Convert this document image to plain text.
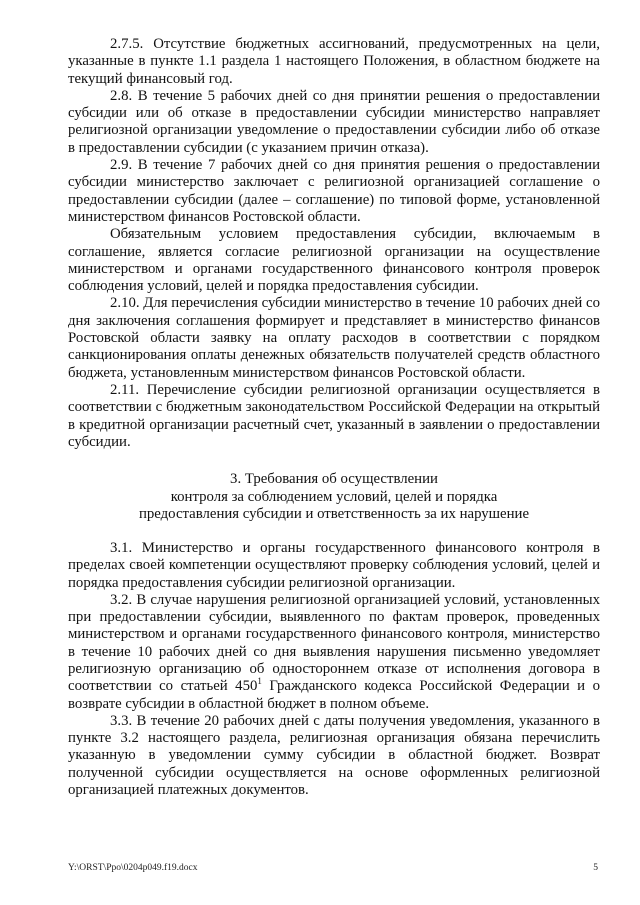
2.7.5. Отсутствие бюджетных ассигнований, предусмотренных на цели, указанные в пункте 1.1 раздела 1 настоящего Положения, в областном бюджете на текущий финансовый год.

2.8. В течение 5 рабочих дней со дня принятии решения о предоставлении субсидии или об отказе в предоставлении субсидии министерство направляет религиозной организации уведомление о предоставлении субсидии либо об отказе в предоставлении субсидии (с указанием причин отказа).

2.9. В течение 7 рабочих дней со дня принятия решения о предоставлении субсидии министерство заключает с религиозной организацией соглашение о предоставлении субсидии (далее – соглашение) по типовой форме, установленной министерством финансов Ростовской области.

Обязательным условием предоставления субсидии, включаемым в соглашение, является согласие религиозной организации на осуществление министерством и органами государственного финансового контроля проверок соблюдения условий, целей и порядка предоставления субсидии.

2.10. Для перечисления субсидии министерство в течение 10 рабочих дней со дня заключения соглашения формирует и представляет в министерство финансов Ростовской области заявку на оплату расходов в соответствии с порядком санкционирования оплаты денежных обязательств получателей средств областного бюджета, установленным министерством финансов Ростовской области.

2.11. Перечисление субсидии религиозной организации осуществляется в соответствии с бюджетным законодательством Российской Федерации на открытый в кредитной организации расчетный счет, указанный в заявлении о предоставлении субсидии.

3. Требования об осуществлении
контроля за соблюдением условий, целей и порядка
предоставления субсидии и ответственность за их нарушение

3.1. Министерство и органы государственного финансового контроля в пределах своей компетенции осуществляют проверку соблюдения условий, целей и порядка предоставления субсидии религиозной организации.

3.2. В случае нарушения религиозной организацией условий, установленных при предоставлении субсидии, выявленного по фактам проверок, проведенных министерством и органами государственного финансового контроля, министерство в течение 10 рабочих дней со дня выявления нарушения письменно уведомляет религиозную организацию об одностороннем отказе от исполнения договора в соответствии со статьей $450^1$ Гражданского кодекса Российской Федерации и о возврате субсидии в областной бюджет в полном объеме.

3.3. В течение 20 рабочих дней с даты получения уведомления, указанного в пункте 3.2 настоящего раздела, религиозная организация обязана перечислить указанную в уведомлении сумму субсидии в областной бюджет. Возврат полученной субсидии осуществляется на основе оформленных религиозной организацией платежных документов.

Y:\ORST\Ppo\0204p049.f19.docx	5
